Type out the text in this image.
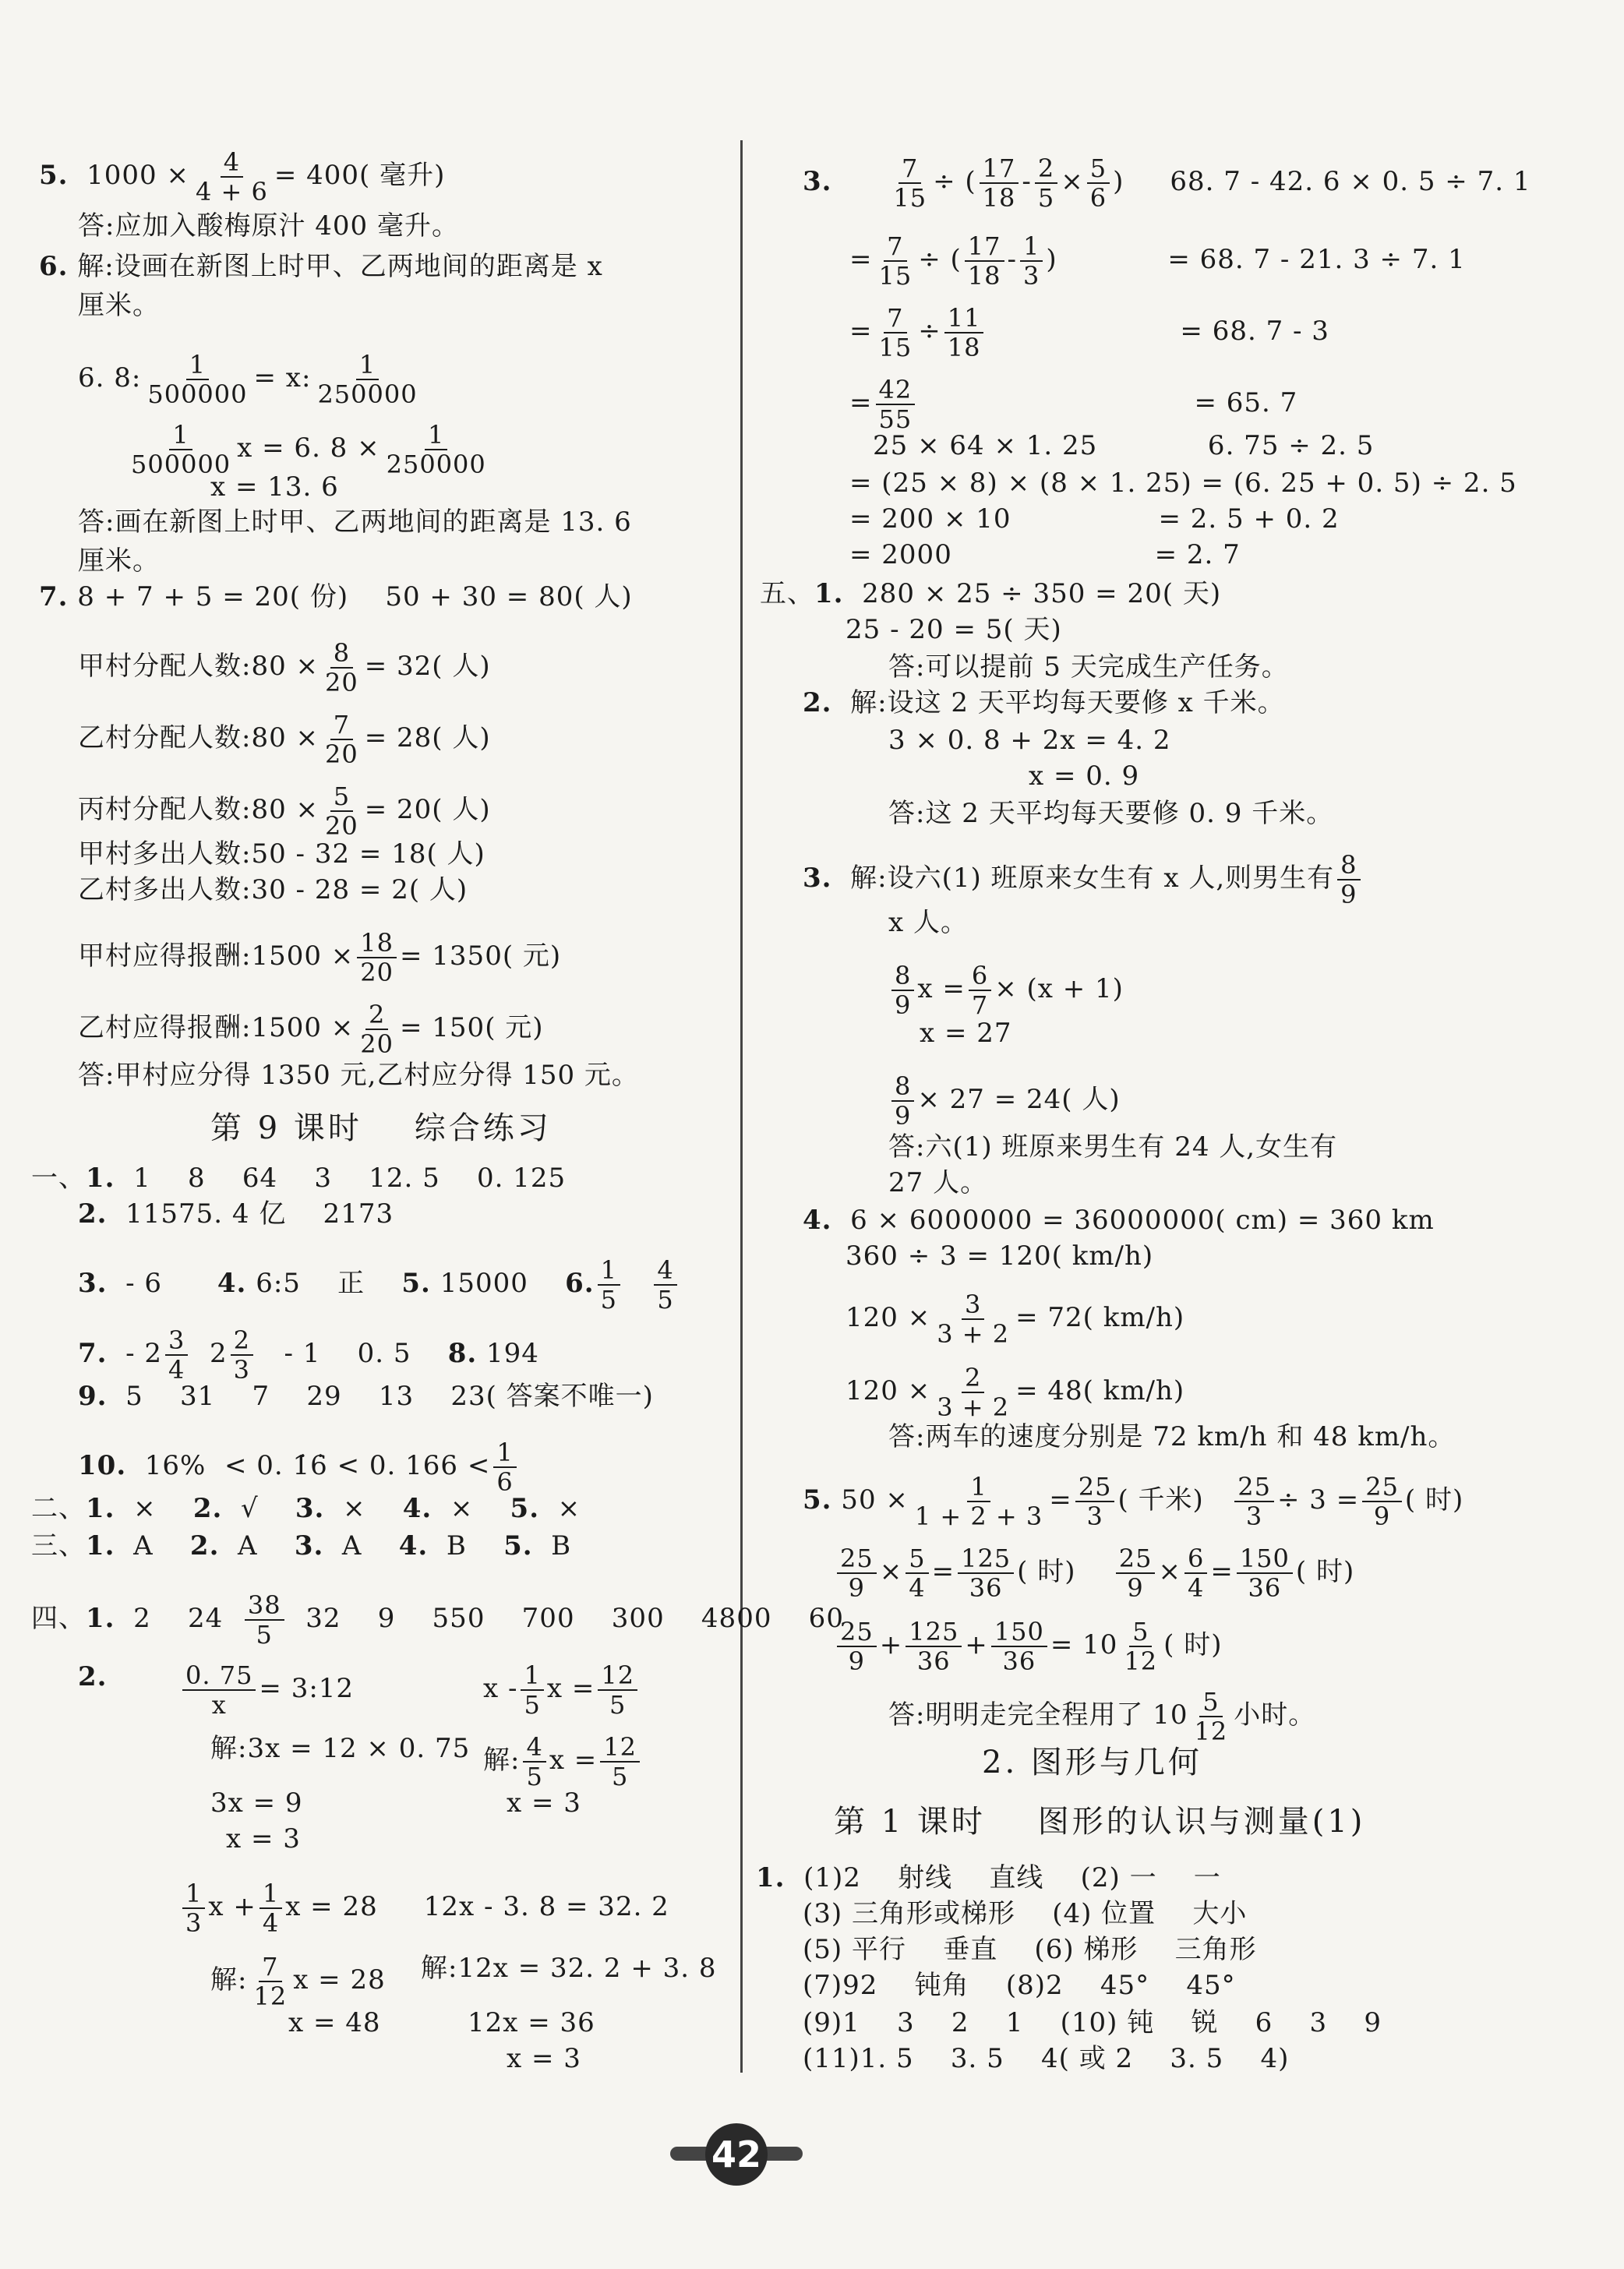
5.  $1000 \times \frac{4}{4 + 6} = 400$( 毫升)
答:应加入酸梅原汁 400 毫升。
6. 解:设画在新图上时甲、乙两地间的距离是 x
厘米。
6. 8: $\frac{1}{500000} = x$: $\frac{1}{250000}$
$\frac{1}{500000}$ x = 6. $8 \times \frac{1}{250000}$
x = 13. 6
答:画在新图上时甲、乙两地间的距离是 13. 6
厘米。
7. 8 + 7 + 5 = 20( 份)    50 + 30 = 80( 人)
甲村分配人数:80 × $\frac{8}{20} = 32$( 人)
乙村分配人数:80 × $\frac{7}{20} = 28$( 人)
丙村分配人数:80 × $\frac{5}{20} = 20$( 人)
甲村多出人数:50 - 32 = 18( 人)
乙村多出人数:30 - 28 = 2( 人)
甲村应得报酬:1500 × $\frac{18}{20} = 1350$( 元)
乙村应得报酬:1500 × $\frac{2}{20} = 150$( 元)
答:甲村应分得 1350 元,乙村应分得 150 元。
第 9 课时    综合练习
一、1.  1    8    64    3    12. 5    0. 125
2.  11575. 4 亿    2173
3.  - 6      4. 6:5    正    5. 15000    6. $\frac{1}{5}$
$\frac{4}{5}$
7.  - $2 \frac{3}{4} 2 \frac{2}{3} - 1$    0. 5    8. 194
9.  5    31    7    29    13    23( 答案不唯一)
10.  16%  < 0. 1̇6̇ < 0. $166 < \frac{1}{6}$
二、1.  ×    2.  √    3.  ×    4.  ×    5.  ×
三、1.  A    2.  A    3.  A    4.  B    5.  B
四、1.  2    $24 \frac{38}{5} 32$    9    550    700    300    4800    60
2.	$\frac{0. 75}{x}$ = 3:12	x - $\frac{1}{5}$ $x = \frac{12}{5}$
解:3x = 12 × 0. 75 解: $\frac{4}{5}$ $x = \frac{12}{5}$
3x = 9
x = 3
x = 3
$\frac{1}{3}$ $x + \frac{1}{4}$ x = 28     12x - 3. 8 = 32. 2
解: $\frac{7}{12}$ x = 28 解:12x = 32. 2 + 3. 8
x = 48	12x = 36
x = 3
3. $\frac{7}{15}$ ÷ ( $\frac{17}{18} - \frac{2}{5} \times \frac{5}{6}$ )     68. 7 - 42. 6 × 0. 5 ÷ 7. 1
= $\frac{7}{15}$ ÷ ( $\frac{17}{18} - \frac{1}{3}$ )            = 68. 7 - 21. 3 ÷ 7. 1
= $\frac{7}{15} \div \frac{11}{18} = 68$. 7 - 3
= $\frac{42}{55} = 65$. 7
25 × 64 × 1. 25            6. 75 ÷ 2. 5
= (25 × 8) × (8 × 1. 25) = (6. 25 + 0. 5) ÷ 2. 5
= 200 × 10                = 2. 5 + 0. 2
= 2000                      = 2. 7
五、1.  280 × 25 ÷ 350 = 20( 天)
25 - 20 = 5( 天)
答:可以提前 5 天完成生产任务。
2.  解:设这 2 天平均每天要修 x 千米。
3 × 0. 8 + 2x = 4. 2
x = 0. 9
答:这 2 天平均每天要修 0. 9 千米。
3.  解:设六(1) 班原来女生有 x 人,则男生有 $\frac{8}{9}$
x 人。
$\frac{8}{9}$ $x = \frac{6}{7} \times (x + 1)$
x = 27
$\frac{8}{9} \times 27 = 24$( 人)
答:六(1) 班原来男生有 24 人,女生有
27 人。
4.  6 × 6000000 = 36000000( cm) = 360 km
360 ÷ 3 = 120( km/h)
$120 \times \frac{3}{3 + 2} = 72$( km/h)
$120 \times \frac{2}{3 + 2} = 48$( km/h)
答:两车的速度分别是 72 km/h 和 48 km/h。
5. $50 \times \frac{1}{1 + 2 + 3} = \frac{25}{3}$ ( 千米) $\frac{25}{3} \div 3 = \frac{25}{9}$ ( 时)
$\frac{25}{9} \times \frac{5}{4} = \frac{125}{36}$ ( 时) $\frac{25}{9} \times \frac{6}{4} = \frac{150}{36}$ ( 时)
$\frac{25}{9} + \frac{125}{36} + \frac{150}{36} = 10 \frac{5}{12}$ ( 时)
答:明明走完全程用了 $10 \frac{5}{12}$ 小时。
2. 图形与几何
第 1 课时    图形的认识与测量(1)
1.  (1)2    射线    直线    (2) 一    一
(3) 三角形或梯形    (4) 位置    大小
(5) 平行    垂直    (6) 梯形    三角形
(7)92    钝角    (8)2    45°    45°
(9)1    3    2    1    (10) 钝    锐    6    3    9
(11)1. 5    3. 5    4( 或 2    3. 5    4)
42
